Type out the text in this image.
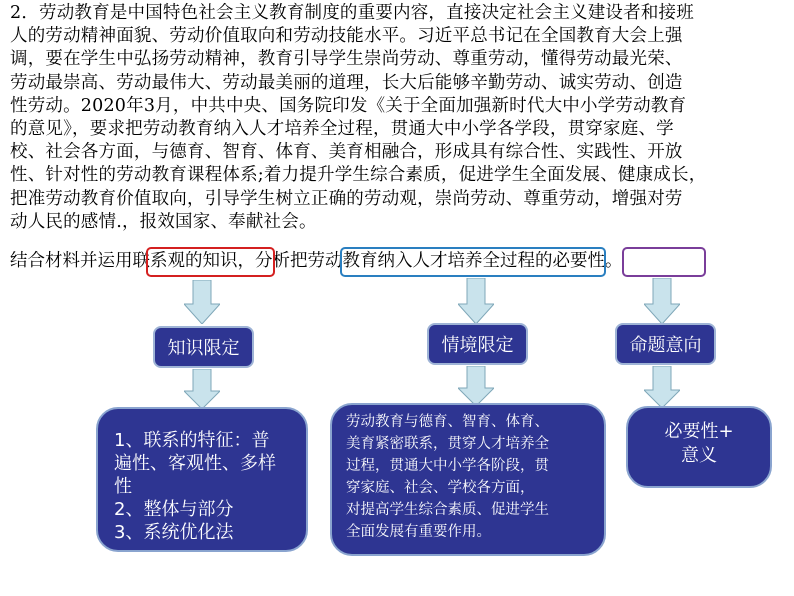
2．劳动教育是中国特色社会主义教育制度的重要内容，直接决定社会主义建设者和接班

人的劳动精神面貌、劳动价值取向和劳动技能水平。习近平总书记在全国教育大会上强

调，要在学生中弘扬劳动精神，教育引导学生崇尚劳动、尊重劳动，懂得劳动最光荣、

劳动最崇高、劳动最伟大、劳动最美丽的道理，长大后能够辛勤劳动、诚实劳动、创造

性劳动。2020年3月，中共中央、国务院印发《关于全面加强新时代大中小学劳动教育

的意见》，要求把劳动教育纳入人才培养全过程，贯通大中小学各学段，贯穿家庭、学

校、社会各方面，与德育、智育、体育、美育相融合，形成具有综合性、实践性、开放

性、针对性的劳动教育课程体系;着力提升学生综合素质，促进学生全面发展、健康成长，

把准劳动教育价值取向，引导学生树立正确的劳动观，崇尚劳动、尊重劳动，增强对劳

动人民的感情.，报效国家、奉献社会。

结合材料并运用联系观的知识，分析把劳动教育纳入人才培养全过程的必要性。
知识限定	情境限定	命题意向

1、联系的特征：普

遍性、客观性、多样

性

2、整体与部分

3、系统优化法

劳动教育与德育、智育、体育、

美育紧密联系，贯穿人才培养全

过程，贯通大中小学各阶段，贯

穿家庭、社会、学校各方面，

对提高学生综合素质、促进学生

全面发展有重要作用。

必要性+

意义
